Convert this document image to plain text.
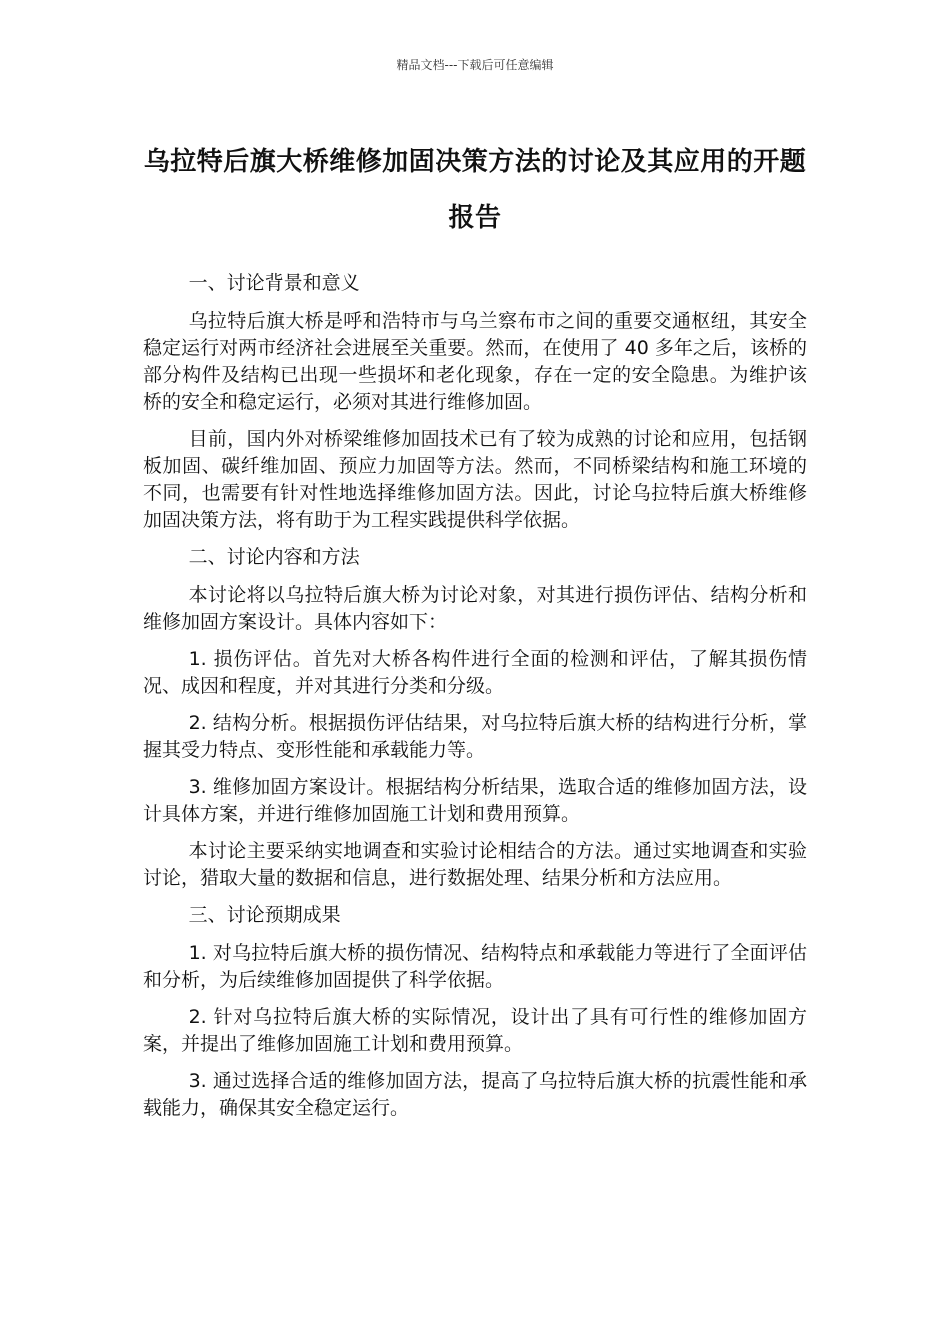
精品文档---下载后可任意编辑
乌拉特后旗大桥维修加固决策方法的讨论及其应用的开题报告

一、讨论背景和意义

乌拉特后旗大桥是呼和浩特市与乌兰察布市之间的重要交通枢纽，其安全稳定运行对两市经济社会进展至关重要。然而，在使用了 40 多年之后，该桥的部分构件及结构已出现一些损坏和老化现象，存在一定的安全隐患。为维护该桥的安全和稳定运行，必须对其进行维修加固。

目前，国内外对桥梁维修加固技术已有了较为成熟的讨论和应用，包括钢板加固、碳纤维加固、预应力加固等方法。然而，不同桥梁结构和施工环境的不同，也需要有针对性地选择维修加固方法。因此，讨论乌拉特后旗大桥维修加固决策方法，将有助于为工程实践提供科学依据。

二、讨论内容和方法

本讨论将以乌拉特后旗大桥为讨论对象，对其进行损伤评估、结构分析和维修加固方案设计。具体内容如下：

1. 损伤评估。首先对大桥各构件进行全面的检测和评估，了解其损伤情况、成因和程度，并对其进行分类和分级。

2. 结构分析。根据损伤评估结果，对乌拉特后旗大桥的结构进行分析，掌握其受力特点、变形性能和承载能力等。

3. 维修加固方案设计。根据结构分析结果，选取合适的维修加固方法，设计具体方案，并进行维修加固施工计划和费用预算。

本讨论主要采纳实地调查和实验讨论相结合的方法。通过实地调查和实验讨论，猎取大量的数据和信息，进行数据处理、结果分析和方法应用。

三、讨论预期成果

1. 对乌拉特后旗大桥的损伤情况、结构特点和承载能力等进行了全面评估和分析，为后续维修加固提供了科学依据。

2. 针对乌拉特后旗大桥的实际情况，设计出了具有可行性的维修加固方案，并提出了维修加固施工计划和费用预算。

3. 通过选择合适的维修加固方法，提高了乌拉特后旗大桥的抗震性能和承载能力，确保其安全稳定运行。
